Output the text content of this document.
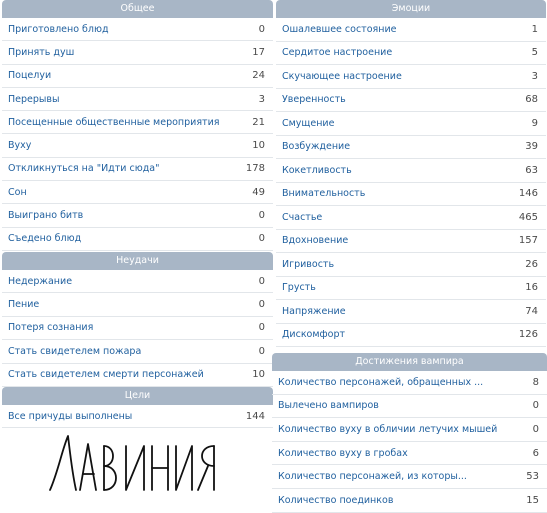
Общее
Приготовлено блюд	0
Принять душ	17
Поцелуи	24
Перерывы	3
Посещенные общественные мероприятия	21
Вуху	10
Откликнуться на "Идти сюда"	178
Сон	49
Выиграно битв	0
Съедено блюд	0
Неудачи
Недержание	0
Пение	0
Потеря сознания	0
Стать свидетелем пожара	0
Стать свидетелем смерти персонажей	10
Цели
Все причуды выполнены	144
Эмоции
Ошалевшее состояние	1
Сердитое настроение	5
Скучающее настроение	3
Уверенность	68
Смущение	9
Возбуждение	39
Кокетливость	63
Внимательность	146
Счастье	465
Вдохновение	157
Игривость	26
Грусть	16
Напряжение	74
Дискомфорт	126
Достижения вампира
Количество персонажей, обращенных ...	8
Вылечено вампиров	0
Количество вуху в обличии летучих мышей	0
Количество вуху в гробах	6
Количество персонажей, из которы...	53
Количество поединков	15
